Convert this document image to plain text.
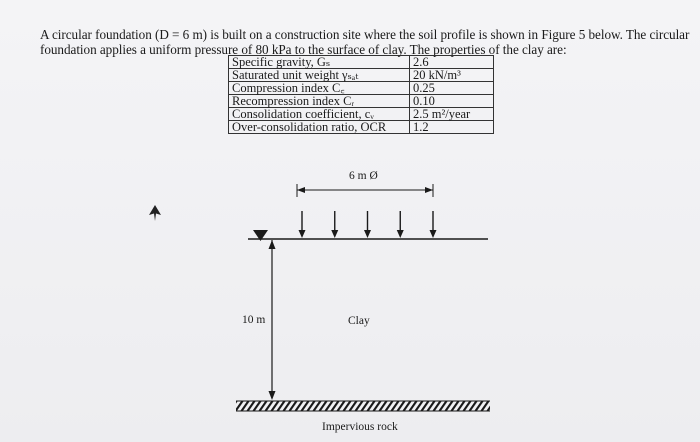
A circular foundation (D = 6 m) is built on a construction site where the soil profile is shown in Figure 5 below. The circular foundation applies a uniform pressure of 80 kPa to the surface of clay. The properties of the clay are:

Specific gravity, Gₛ	2.6
Saturated unit weight γₛₐₜ	20 kN/m³
Compression index C꜀	0.25
Recompression index Cᵣ	0.10
Consolidation coefficient, cᵥ	2.5 m²/year
Over-consolidation ratio, OCR	1.2
6 m Ø
10 m	Clay
Impervious rock
